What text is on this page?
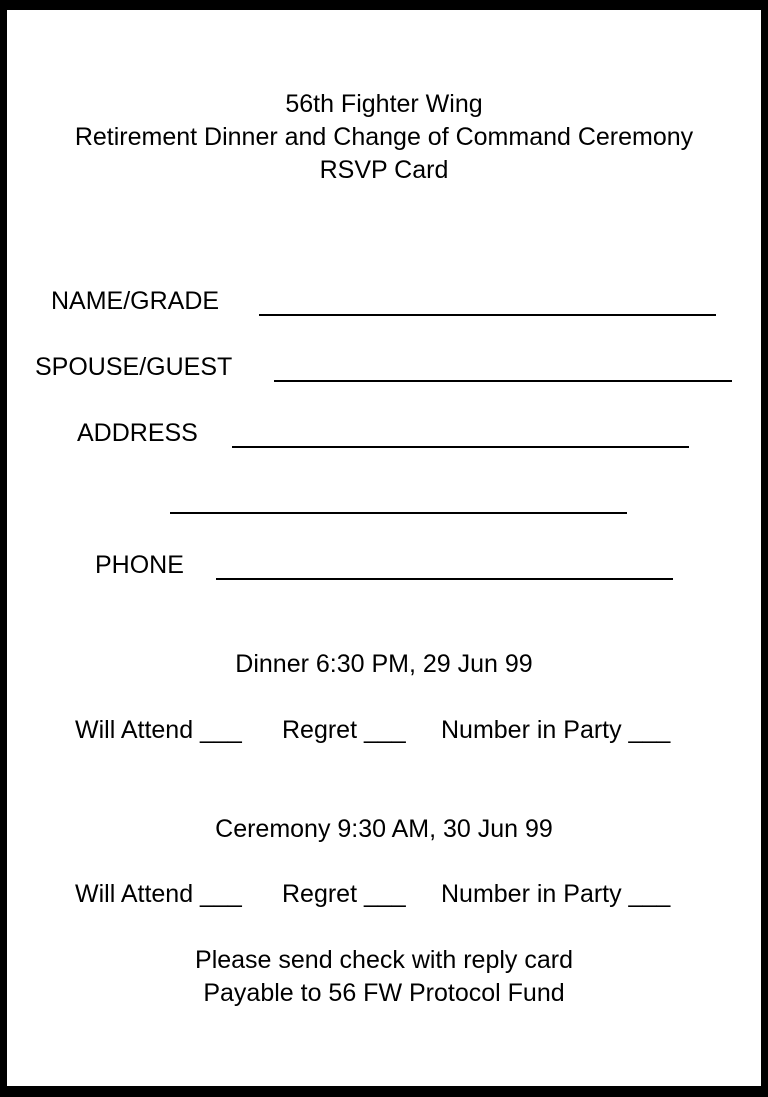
56th Fighter Wing
Retirement Dinner and Change of Command Ceremony
RSVP Card
NAME/GRADE
SPOUSE/GUEST
ADDRESS
PHONE
Dinner 6:30 PM, 29 Jun 99
Will Attend ___ Regret ___ Number in Party ___
Ceremony 9:30 AM, 30 Jun 99
Will Attend ___ Regret ___ Number in Party ___
Please send check with reply card
Payable to 56 FW Protocol Fund
